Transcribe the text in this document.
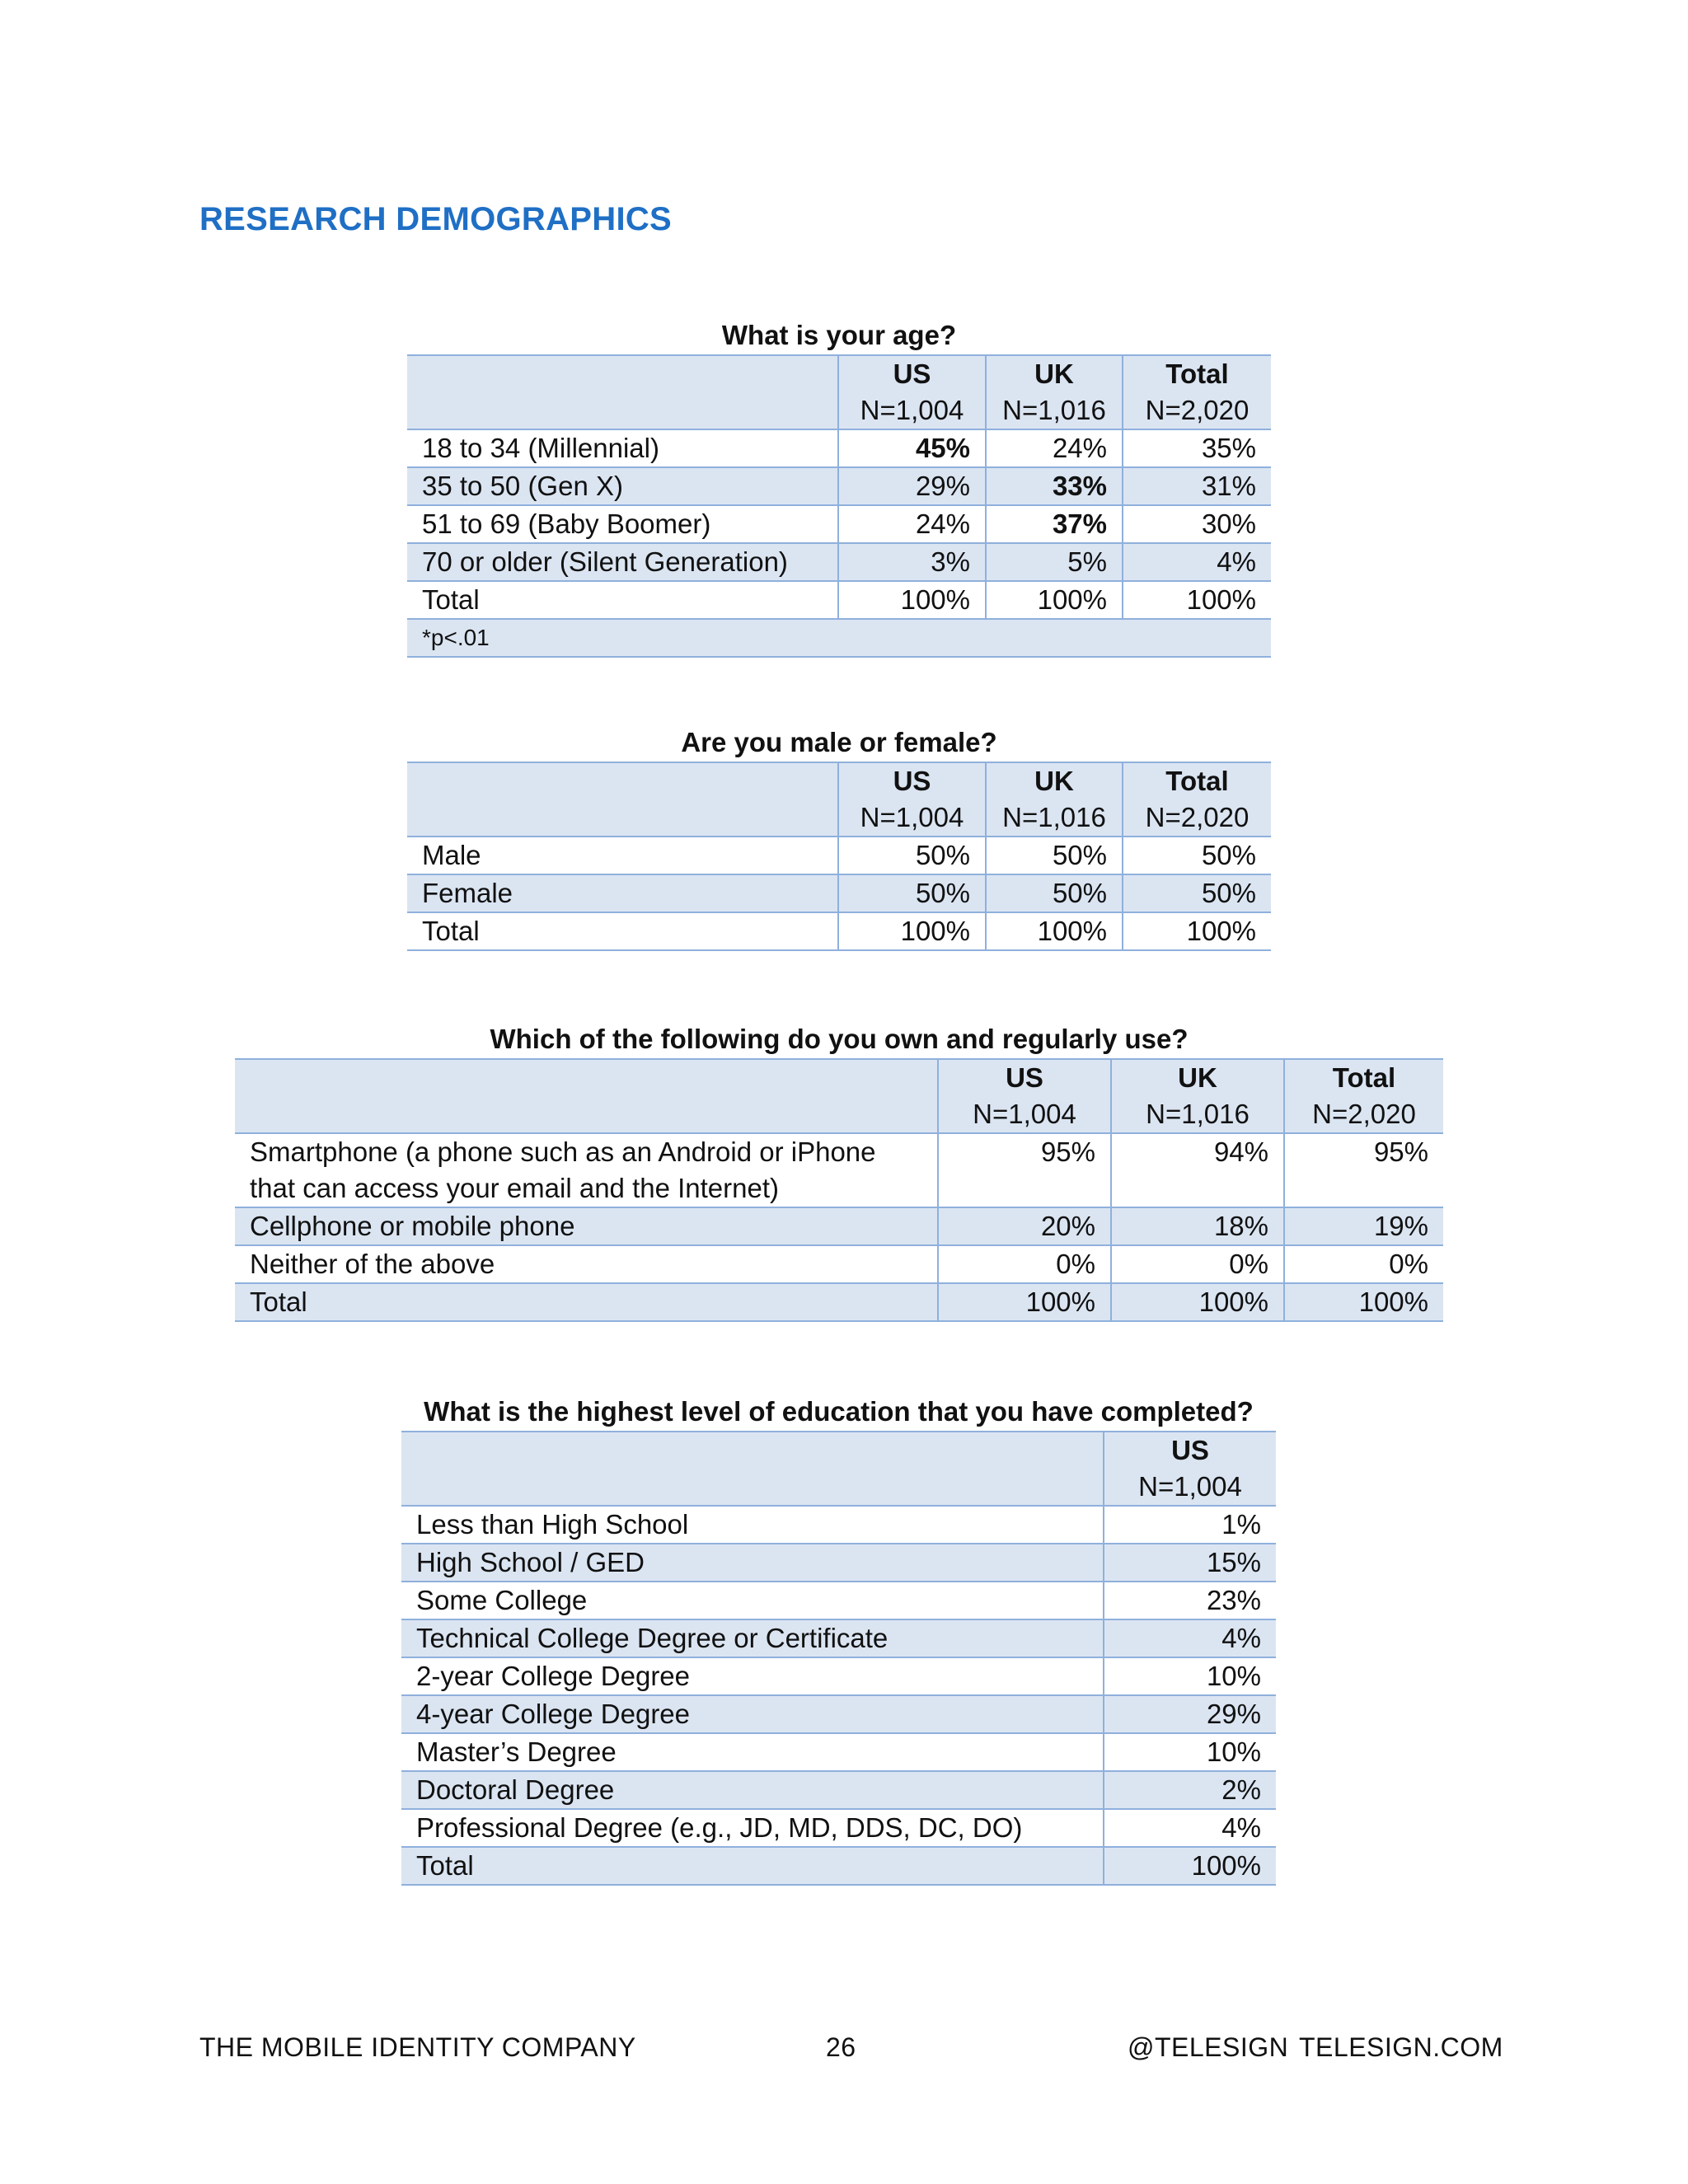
RESEARCH DEMOGRAPHICS
What is your age?
	US	UK	Total
	N=1,004	N=1,016	N=2,020
18 to 34 (Millennial)	45%	24%	35%
35 to 50 (Gen X)	29%	33%	31%
51 to 69 (Baby Boomer)	24%	37%	30%
70 or older (Silent Generation)	3%	5%	4%
Total	100%	100%	100%
*p<.01			
Are you male or female?
	US	UK	Total
	N=1,004	N=1,016	N=2,020
Male	50%	50%	50%
Female	50%	50%	50%
Total	100%	100%	100%
Which of the following do you own and regularly use?
	US	UK	Total
	N=1,004	N=1,016	N=2,020
Smartphone (a phone such as an Android or iPhone that can access your email and the Internet)	95%	94%	95%
Cellphone or mobile phone	20%	18%	19%
Neither of the above	0%	0%	0%
Total	100%	100%	100%
What is the highest level of education that you have completed?
	US
	N=1,004
Less than High School	1%
High School / GED	15%
Some College	23%
Technical College Degree or Certificate	4%
2-year College Degree	10%
4-year College Degree	29%
Master’s Degree	10%
Doctoral Degree	2%
Professional Degree (e.g., JD, MD, DDS, DC, DO)	4%
Total	100%
THE MOBILE IDENTITY COMPANY	26	@TELESIGN TELESIGN.COM
